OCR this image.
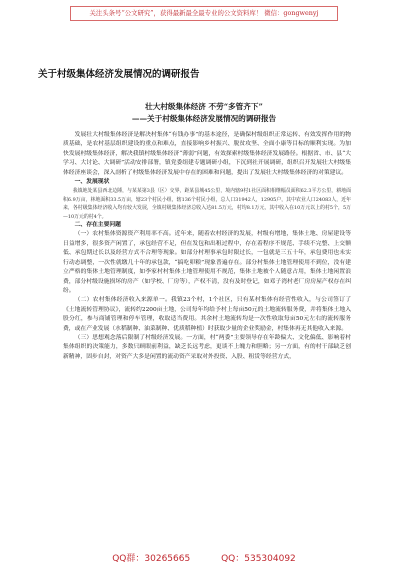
关注头条号“公文研究”，获得最新最全最专业的公文资料库！ 微信：gongwenyj
关于村级集体经济发展情况的调研报告
壮大村级集体经济 不劳“多管齐下”
——关于村级集体经济发展情况的调研报告

发展壮大村级集体经济是解决村集体“有钱办事”的基本途径，是确保村级组织正常运转、有效发挥作用的物质基础，是农村基层组织建设的重点和难点，直接影响乡村振兴、脱贫攻坚、全面小康等目标的顺利实现。为加快发展村级集体经济，解决我镇村级集体经济“薄弱”问题，有效探索村级集体经济发展路径。根据省、市、县“大学习、大讨论、大调研”活动安排部署，镇党委组建专题调研小组，下沉到社开展调研，组织召开发展壮大村级集体经济座谈会，深入剖析了村级集体经济发展中存在的困难和问题，提出了发展壮大村级集体经济的对策建议。

一、发展现状

我镇地处某县西北边陲，与某某第3县（区）交界，距某县城45公里，境内辖9村1社区面积相继幅员面积62.3平方公里，耕地面积6.9万亩，林地面积33.5万亩，辖23个村民小组，辖136个村民小组，总人口31942人，12905户，其中农业人口24083人，近年来，各村级集体经济收入均有较大发展，全镇村级集体经济总收入达81.5万元，村均8.1万元，其中收入在10万元以上的村5个，5万—10万元的村4个。

二、存在主要问题

（一）农村集体资源资产利用率不高。近年来，随着农村经济的发展，村级有增地，集体土地、房屋建设等日益增多，很多资产闲置了，承包经营不足，但在发包和出租过程中，存在着程序不规范、手续不完整、上交额低、承包期过长以及经营方式不合理等现象。如部分村理事承包时限过长，一包就是三五十年，承包费用也未实行动态调整，一次性就缴几十年的承包款，“搞吃卯粮”现象普遍存在。部分村集体土地管理使用不到位，没有建立严格的集体土地管理制度，如李家村村集体土地管理使用不规范，集体土地被个人随意占用，集体土地闲置浪费，部分村级设施损坏的房产（如学校、厂房等），产权不清，没有及时登记，如邓子湾村老厂房房屋产权存在纠纷。

（二）农村集体经济收入来源单一。我镇23个村，1个社区，只有某村集体有经营性收入，与公司签订了《土地流转管理协议》，流转约2200亩土地，公司每年均给予村上每亩50元的土地流转服务费，并将集体土地入股分红，参与商铺管理和停车管理，收取适当费用。其余村土地流转均是一次性收取每亩50元左右的流转服务费，或在产业发展（水稻制种、油菜制种、优质稻种植）时获取少量的企业奖励金，村集体再无其他收入来源。

（三）思想观念落后限制了村级经济发展。一方面，村“两委”主要领导存在年龄偏大、文化偏低、影响着村集体组织的决策能力，多数只顾眼前利益，缺乏长远考虑，更谈不上魄力和胆略；另一方面，有的村干部缺乏创新精神，固步自封，对资产大多是闲置的流动资产采取对外投资、入股、租赁等经营方式，

QQ群：30265665	QQ：535304092
